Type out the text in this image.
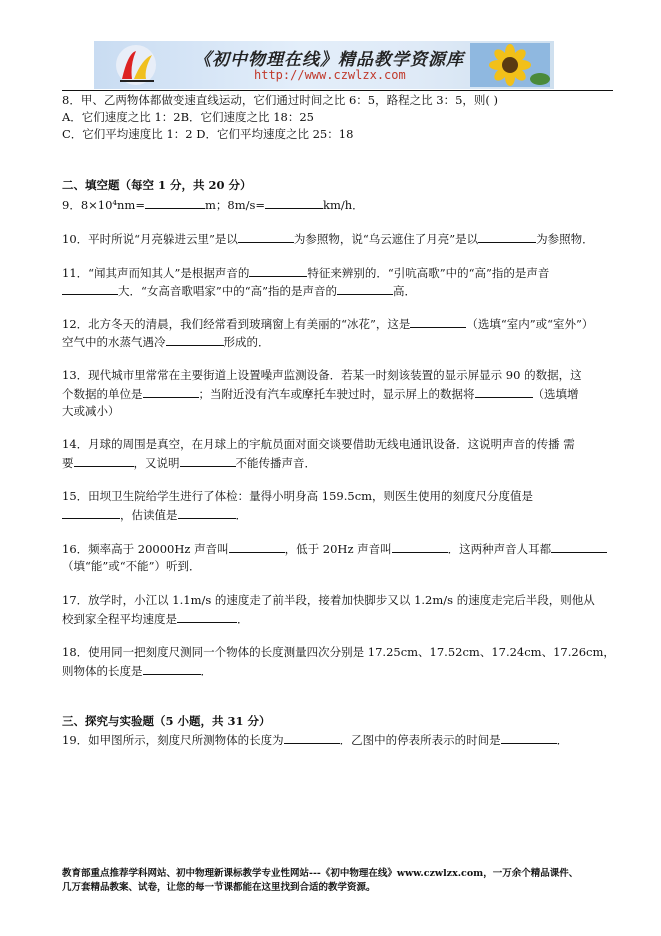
《初中物理在线》精品教学资源库
http://www.czwlzx.com
8．甲、乙两物体都做变速直线运动，它们通过时间之比 6：5，路程之比 3：5，则( )
A．它们速度之比 1：2B．它们速度之比 18：25
C．它们平均速度比 1：2 D．它们平均速度之比 25：18
二、填空题（每空 1 分，共 20 分）
9．8×10⁴nm=	m；8m/s=	km/h．
10．平时所说“月亮躲进云里”是以	为参照物，说“乌云遮住了月亮”是以	为参照物．
11．“闻其声而知其人”是根据声音的	特征来辨别的．“引吭高歌”中的“高”指的是声音
大．“女高音歌唱家”中的“高”指的是声音的	高．
12．北方冬天的清晨，我们经常看到玻璃窗上有美丽的“冰花”，这是	（选填“室内”或“室外”）
空气中的水蒸气遇冷	形成的．
13．现代城市里常常在主要街道上设置噪声监测设备．若某一时刻该装置的显示屏显示 90 的数据，这
个数据的单位是	；当附近没有汽车或摩托车驶过时，显示屏上的数据将	（选填增
大或减小）
14．月球的周围是真空，在月球上的宇航员面对面交谈要借助无线电通讯设备．这说明声音的传播 需
要	，又说明	不能传播声音．
15．田坝卫生院给学生进行了体检：量得小明身高 159.5cm，则医生使用的刻度尺分度值是
，估读值是	．
16．频率高于 20000Hz 声音叫	，低于 20Hz 声音叫	．这两种声音人耳都
（填“能”或“不能”）听到．
17．放学时，小江以 1.1m/s 的速度走了前半段，接着加快脚步又以 1.2m/s 的速度走完后半段，则他从
校到家全程平均速度是	．
18．使用同一把刻度尺测同一个物体的长度测量四次分别是 17.25cm、17.52cm、17.24cm、17.26cm，
则物体的长度是	．
三、探究与实验题（5 小题，共 31 分）
19．如甲图所示，刻度尺所测物体的长度为	．乙图中的停表所表示的时间是	．
教育部重点推荐学科网站、初中物理新课标教学专业性网站---《初中物理在线》www.czwlzx.com，一万余个精品课件、
几万套精品教案、试卷，让您的每一节课都能在这里找到合适的教学资源。
